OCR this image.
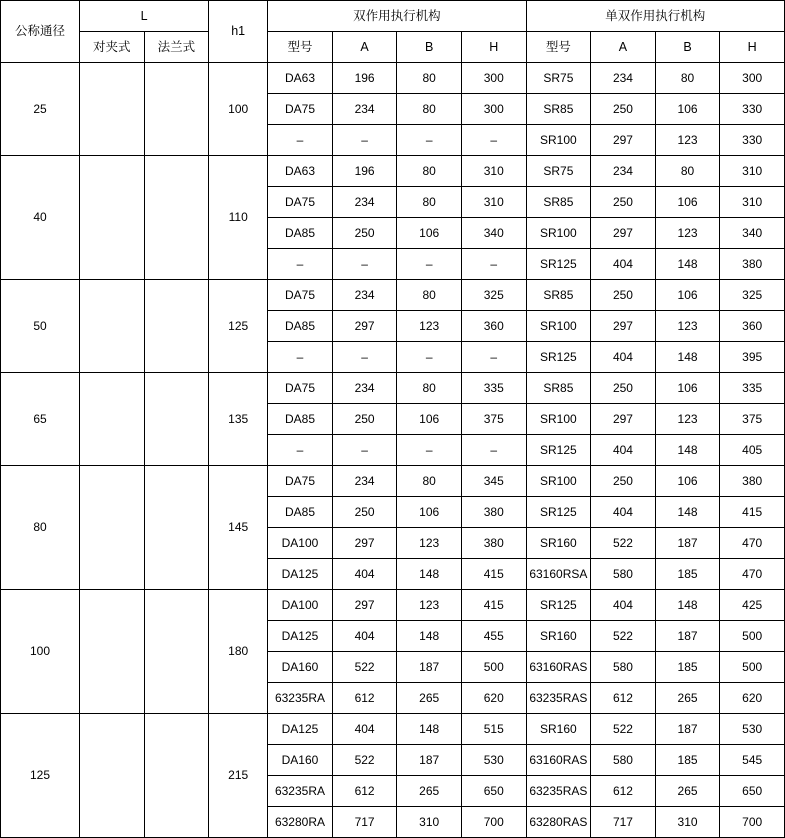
公称通径	L		h1	双作用执行机构				单双作用执行机构			
	对夹式	法兰式		型号	A	B	H	型号	A	B	H
25			100	DA63	196	80	300	SR75	234	80	300
				DA75	234	80	300	SR85	250	106	330
				–	–	–	–	SR100	297	123	330
40			110	DA63	196	80	310	SR75	234	80	310
				DA75	234	80	310	SR85	250	106	310
				DA85	250	106	340	SR100	297	123	340
				–	–	–	–	SR125	404	148	380
50			125	DA75	234	80	325	SR85	250	106	325
				DA85	297	123	360	SR100	297	123	360
				–	–	–	–	SR125	404	148	395
65			135	DA75	234	80	335	SR85	250	106	335
				DA85	250	106	375	SR100	297	123	375
				–	–	–	–	SR125	404	148	405
80			145	DA75	234	80	345	SR100	250	106	380
				DA85	250	106	380	SR125	404	148	415
				DA100	297	123	380	SR160	522	187	470
				DA125	404	148	415	63160RSA	580	185	470
100			180	DA100	297	123	415	SR125	404	148	425
				DA125	404	148	455	SR160	522	187	500
				DA160	522	187	500	63160RAS	580	185	500
				63235RA	612	265	620	63235RAS	612	265	620
125			215	DA125	404	148	515	SR160	522	187	530
				DA160	522	187	530	63160RAS	580	185	545
				63235RA	612	265	650	63235RAS	612	265	650
				63280RA	717	310	700	63280RAS	717	310	700
